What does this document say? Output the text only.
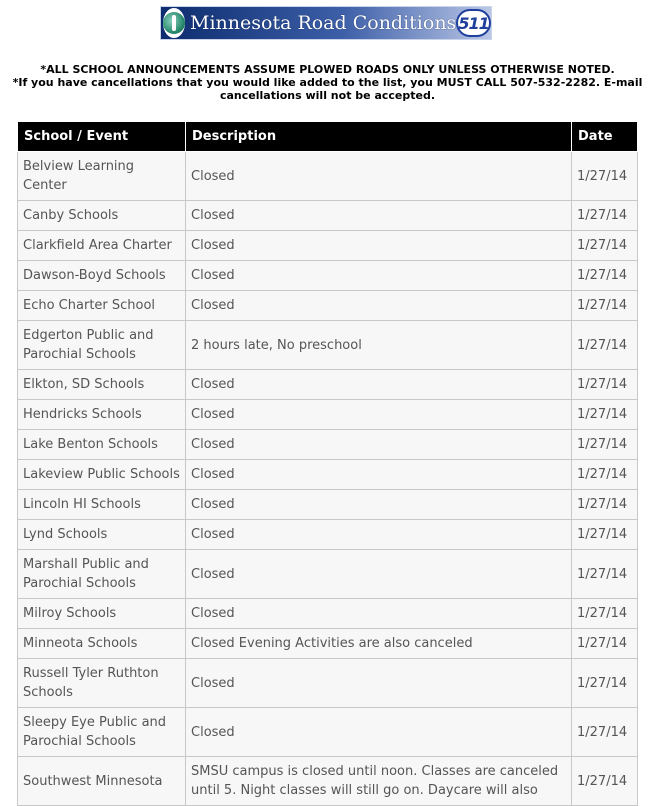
Minnesota Road Conditions 511
*ALL SCHOOL ANNOUNCEMENTS ASSUME PLOWED ROADS ONLY UNLESS OTHERWISE NOTED.
*If you have cancellations that you would like added to the list, you MUST CALL 507-532-2282. E-mail cancellations will not be accepted.
School / Event	Description	Date
Belview Learning Center	Closed	1/27/14
Canby Schools	Closed	1/27/14
Clarkfield Area Charter	Closed	1/27/14
Dawson-Boyd Schools	Closed	1/27/14
Echo Charter School	Closed	1/27/14
Edgerton Public and Parochial Schools	2 hours late, No preschool	1/27/14
Elkton, SD Schools	Closed	1/27/14
Hendricks Schools	Closed	1/27/14
Lake Benton Schools	Closed	1/27/14
Lakeview Public Schools	Closed	1/27/14
Lincoln HI Schools	Closed	1/27/14
Lynd Schools	Closed	1/27/14
Marshall Public and Parochial Schools	Closed	1/27/14
Milroy Schools	Closed	1/27/14
Minneota Schools	Closed Evening Activities are also canceled	1/27/14
Russell Tyler Ruthton Schools	Closed	1/27/14
Sleepy Eye Public and Parochial Schools	Closed	1/27/14
Southwest Minnesota	SMSU campus is closed until noon. Classes are canceled until 5. Night classes will still go on. Daycare will also	1/27/14
